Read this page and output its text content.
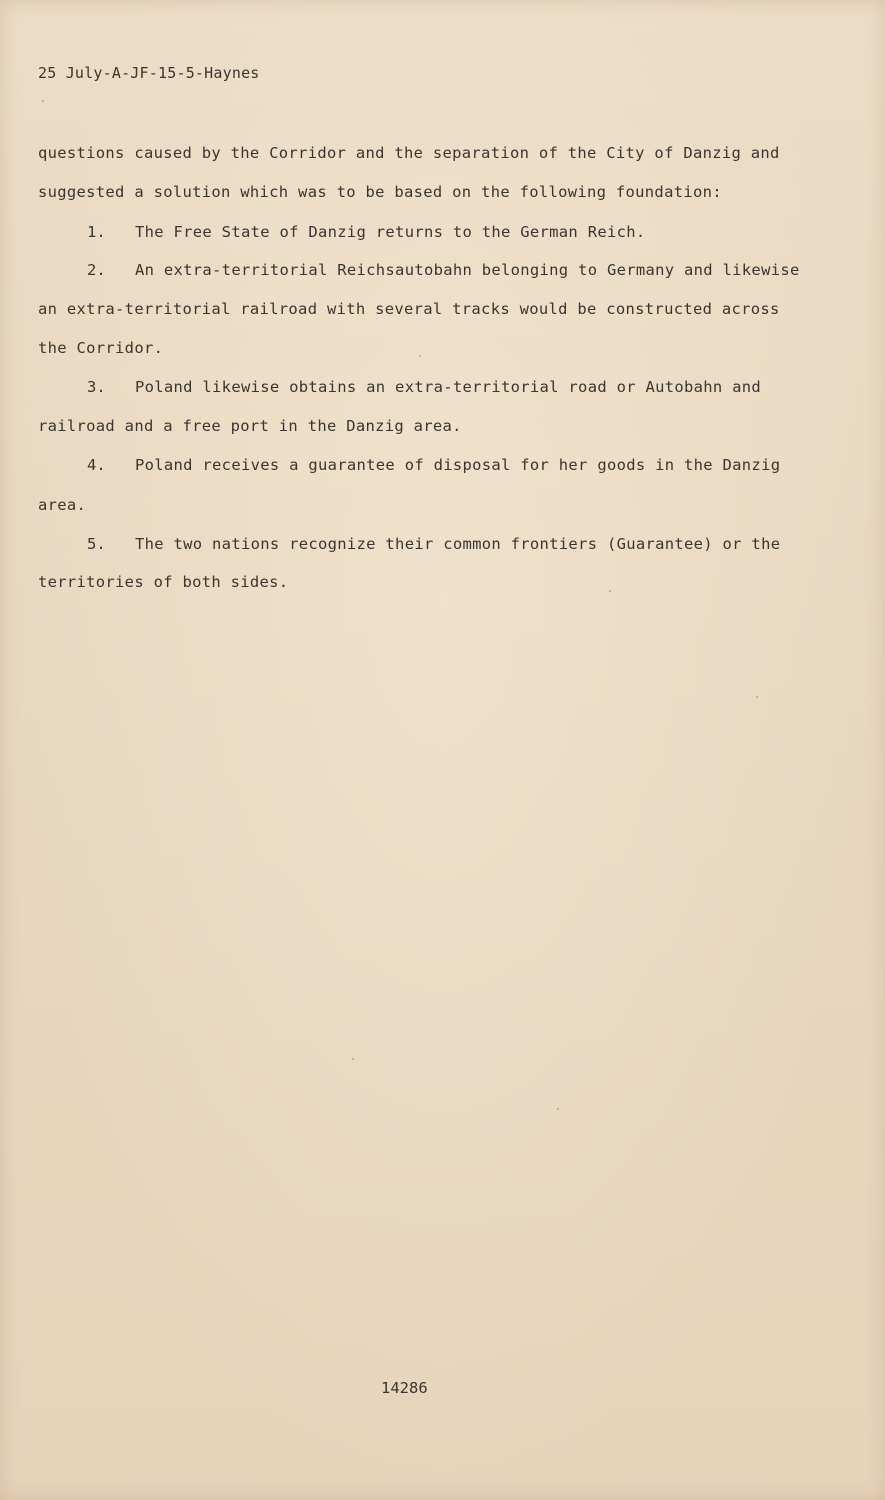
25 July-A-JF-15-5-Haynes
questions caused by the Corridor and the separation of the City of Danzig and
suggested a solution which was to be based on the following foundation:
1. The Free State of Danzig returns to the German Reich.
2. An extra-territorial Reichsautobahn belonging to Germany and likewise
an extra-territorial railroad with several tracks would be constructed across
the Corridor.
3. Poland likewise obtains an extra-territorial road or Autobahn and
railroad and a free port in the Danzig area.
4. Poland receives a guarantee of disposal for her goods in the Danzig
area.
5. The two nations recognize their common frontiers (Guarantee) or the
territories of both sides.
14286
